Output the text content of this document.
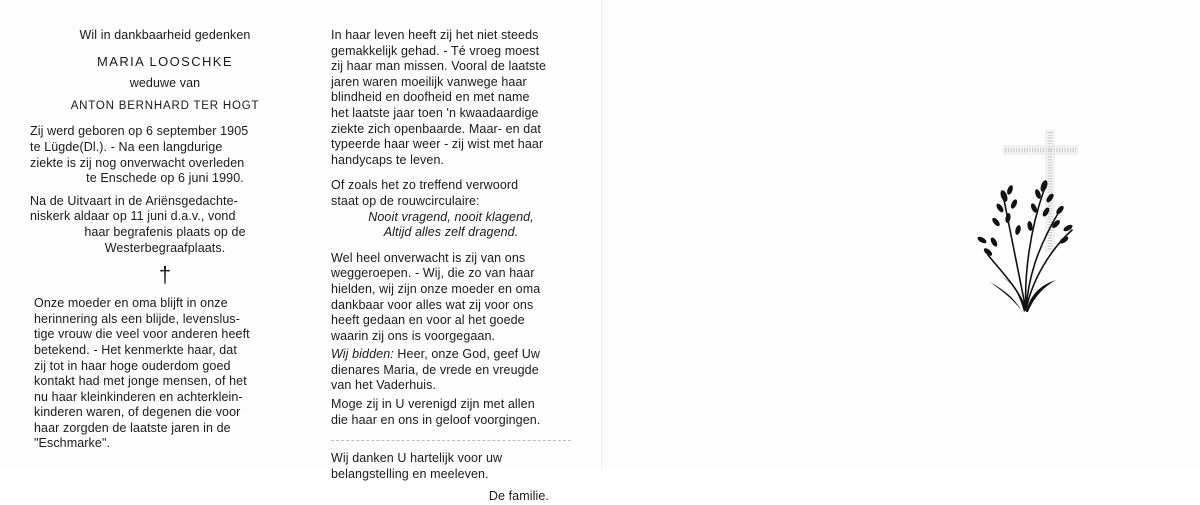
Wil in dankbaarheid gedenken

MARIA LOOSCHKE

weduwe van

ANTON BERNHARD TER HOGT

Zij werd geboren op 6 september 1905

te Lügde(Dl.). - Na een langdurige

ziekte is zij nog onverwacht overleden

te Enschede op 6 juni 1990.

Na de Uitvaart in de Ariënsgedachte-

niskerk aldaar op 11 juni d.a.v., vond

haar begrafenis plaats op de

Westerbegraafplaats.

†

Onze moeder en oma blijft in onze

herinnering als een blijde, levenslus-

tige vrouw die veel voor anderen heeft

betekend. - Het kenmerkte haar, dat

zij tot in haar hoge ouderdom goed

kontakt had met jonge mensen, of het

nu haar kleinkinderen en achterklein-

kinderen waren, of degenen die voor

haar zorgden de laatste jaren in de

"Eschmarke".

In haar leven heeft zij het niet steeds

gemakkelijk gehad. - Té vroeg moest

zij haar man missen. Vooral de laatste

jaren waren moeilijk vanwege haar

blindheid en doofheid en met name

het laatste jaar toen 'n kwaadaardige

ziekte zich openbaarde. Maar- en dat

typeerde haar weer - zij wist met haar

handycaps te leven.

Of zoals het zo treffend verwoord

staat op de rouwcirculaire:

Nooit vragend, nooit klagend,

Altijd alles zelf dragend.

Wel heel onverwacht is zij van ons

weggeroepen. - Wij, die zo van haar

hielden, wij zijn onze moeder en oma

dankbaar voor alles wat zij voor ons

heeft gedaan en voor al het goede

waarin zij ons is voorgegaan.

Wij bidden: Heer, onze God, geef Uw

dienares Maria, de vrede en vreugde

van het Vaderhuis.

Moge zij in U verenigd zijn met allen

die haar en ons in geloof voorgingen.

Wij danken U hartelijk voor uw

belangstelling en meeleven.

De familie.
